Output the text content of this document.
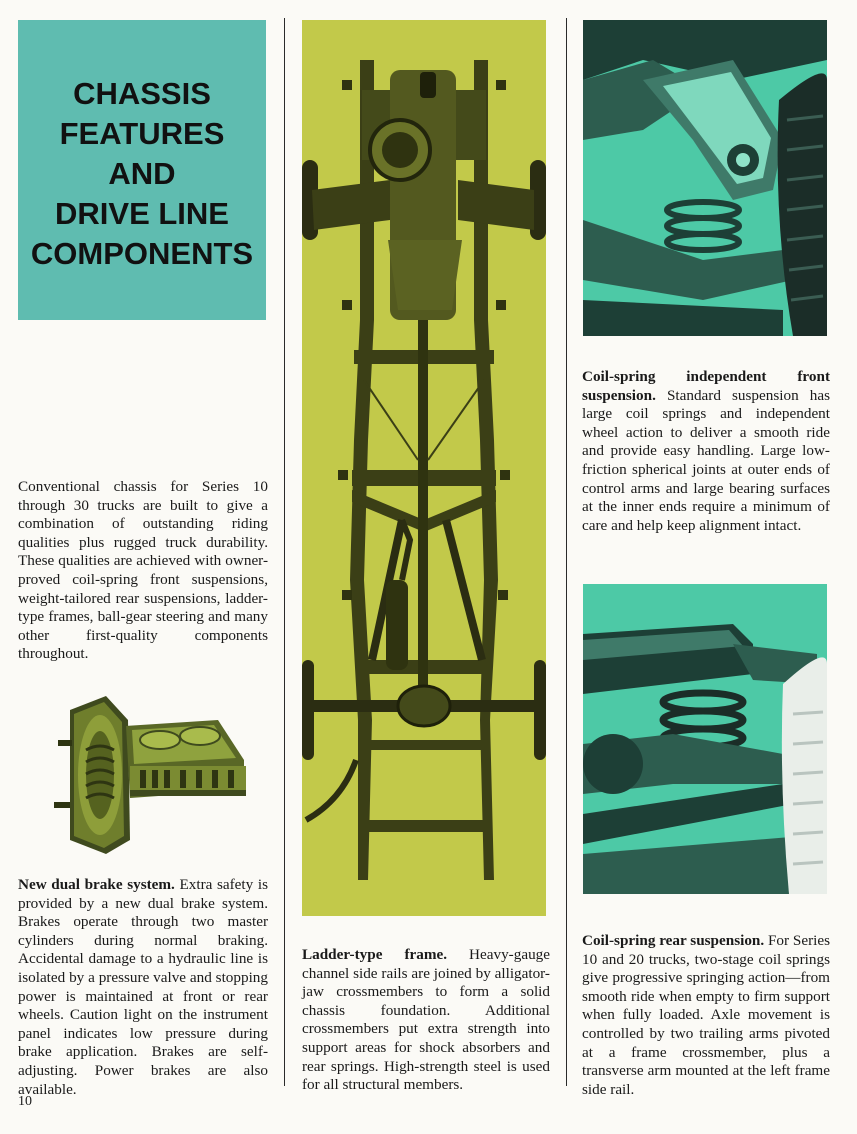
CHASSIS
FEATURES
AND
DRIVE LINE
COMPONENTS

Conventional chassis for Series 10 through 30 trucks are built to give a combination of outstanding riding qualities plus rugged truck durability. These qualities are achieved with owner-proved coil-spring front suspensions, weight-tailored rear suspensions, ladder-type frames, ball-gear steering and many other first-quality components throughout.

New dual brake system. Extra safety is provided by a new dual brake system. Brakes operate through two master cylinders during normal braking. Accidental damage to a hydraulic line is isolated by a pressure valve and stopping power is maintained at front or rear wheels. Caution light on the instrument panel indicates low pressure during brake application. Brakes are self-adjusting. Power brakes are also available.

Ladder-type frame. Heavy-gauge channel side rails are joined by alligator-jaw crossmembers to form a solid chassis foundation. Additional crossmembers put extra strength into support areas for shock absorbers and rear springs. High-strength steel is used for all structural members.

Coil-spring independent front suspension. Standard suspension has large coil springs and independent wheel action to deliver a smooth ride and provide easy handling. Large low-friction spherical joints at outer ends of control arms and large bearing surfaces at the inner ends require a minimum of care and help keep alignment intact.

Coil-spring rear suspension. For Series 10 and 20 trucks, two-stage coil springs give progressive springing action—from smooth ride when empty to firm support when fully loaded. Axle movement is controlled by two trailing arms pivoted at a frame crossmember, plus a transverse arm mounted at the left frame side rail.

10
